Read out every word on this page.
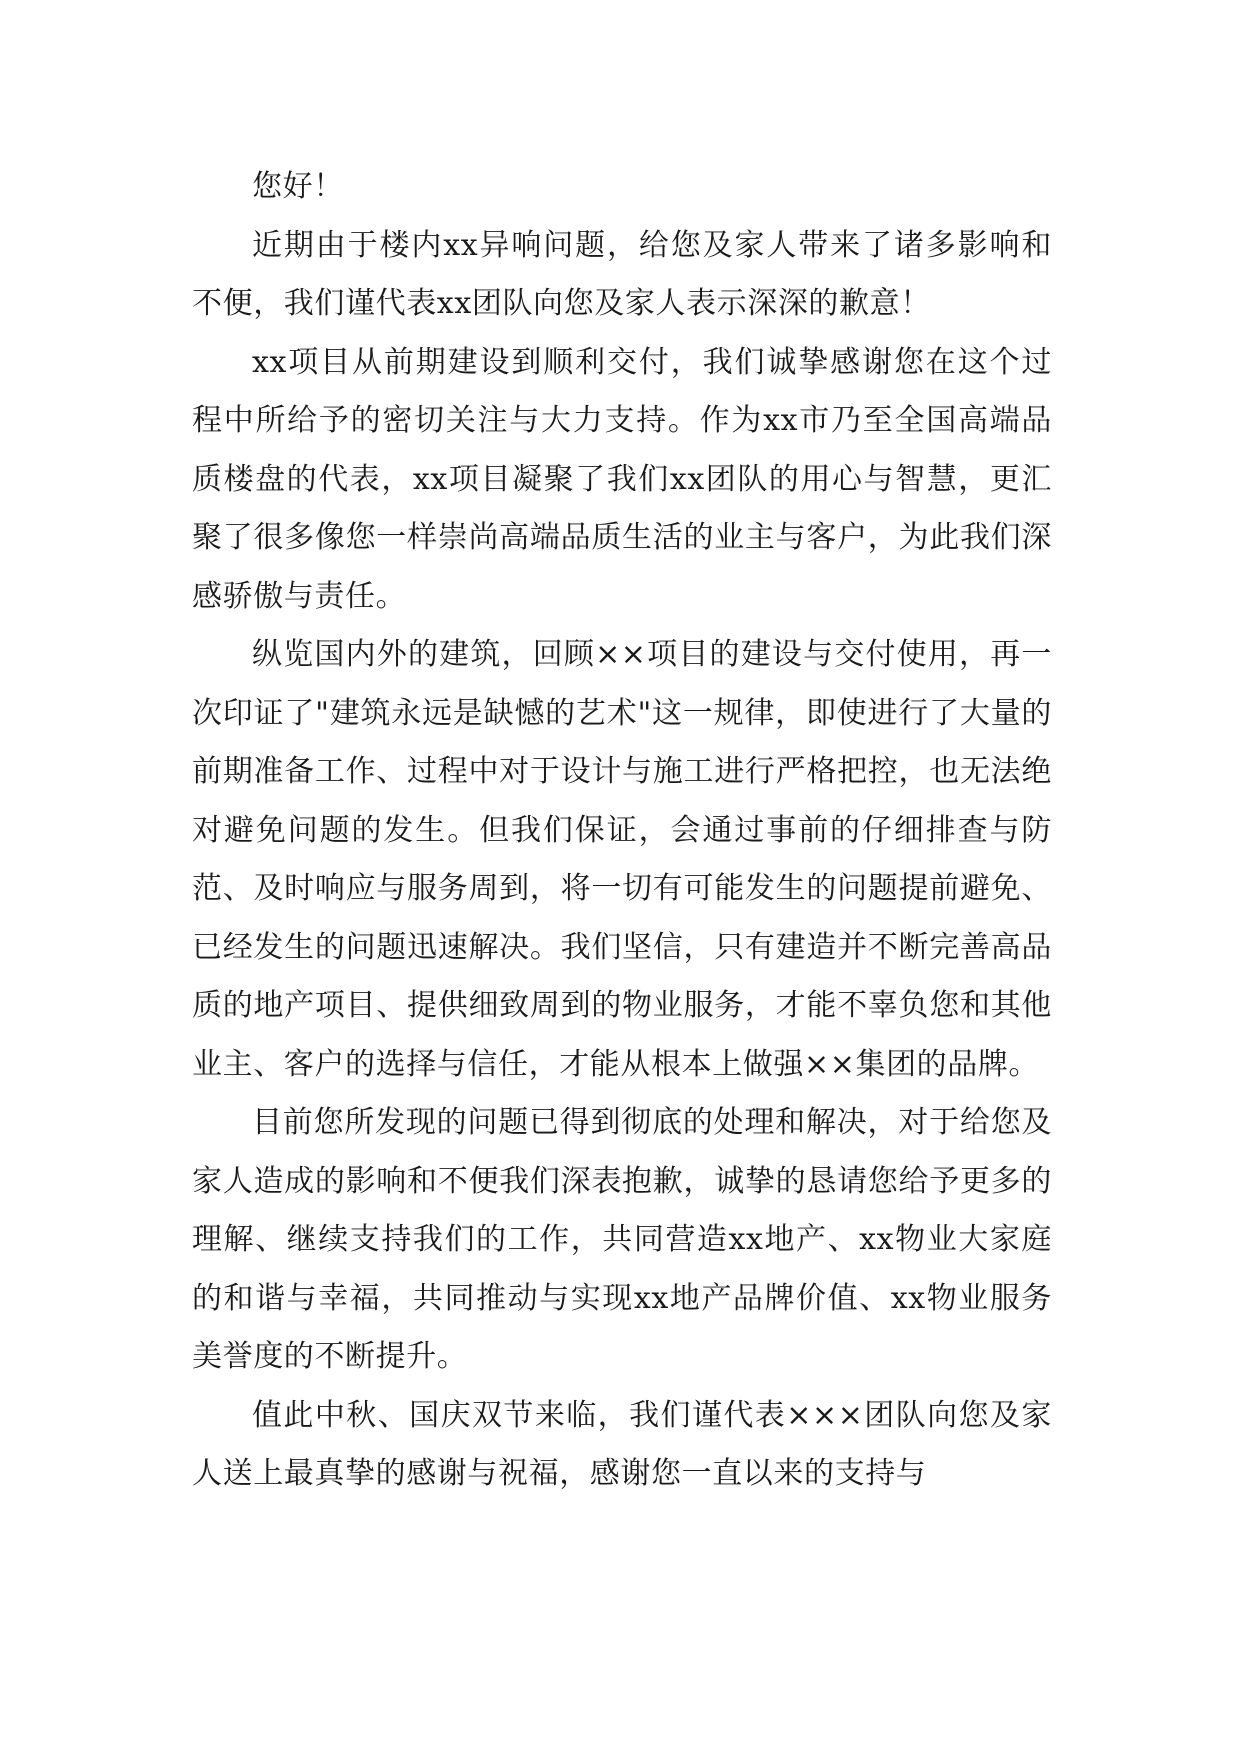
您好！

近期由于楼内xx异响问题，给您及家人带来了诸多影响和不便，我们谨代表xx团队向您及家人表示深深的歉意！

xx项目从前期建设到顺利交付，我们诚挚感谢您在这个过程中所给予的密切关注与大力支持。作为xx市乃至全国高端品质楼盘的代表，xx项目凝聚了我们xx团队的用心与智慧，更汇聚了很多像您一样崇尚高端品质生活的业主与客户，为此我们深感骄傲与责任。

纵览国内外的建筑，回顾××项目的建设与交付使用，再一次印证了"建筑永远是缺憾的艺术"这一规律，即使进行了大量的前期准备工作、过程中对于设计与施工进行严格把控，也无法绝对避免问题的发生。但我们保证，会通过事前的仔细排查与防范、及时响应与服务周到，将一切有可能发生的问题提前避免、已经发生的问题迅速解决。我们坚信，只有建造并不断完善高品质的地产项目、提供细致周到的物业服务，才能不辜负您和其他业主、客户的选择与信任，才能从根本上做强××集团的品牌。

目前您所发现的问题已得到彻底的处理和解决，对于给您及家人造成的影响和不便我们深表抱歉，诚挚的恳请您给予更多的理解、继续支持我们的工作，共同营造xx地产、xx物业大家庭的和谐与幸福，共同推动与实现xx地产品牌价值、xx物业服务美誉度的不断提升。

值此中秋、国庆双节来临，我们谨代表×××团队向您及家人送上最真挚的感谢与祝福，感谢您一直以来的支持与
